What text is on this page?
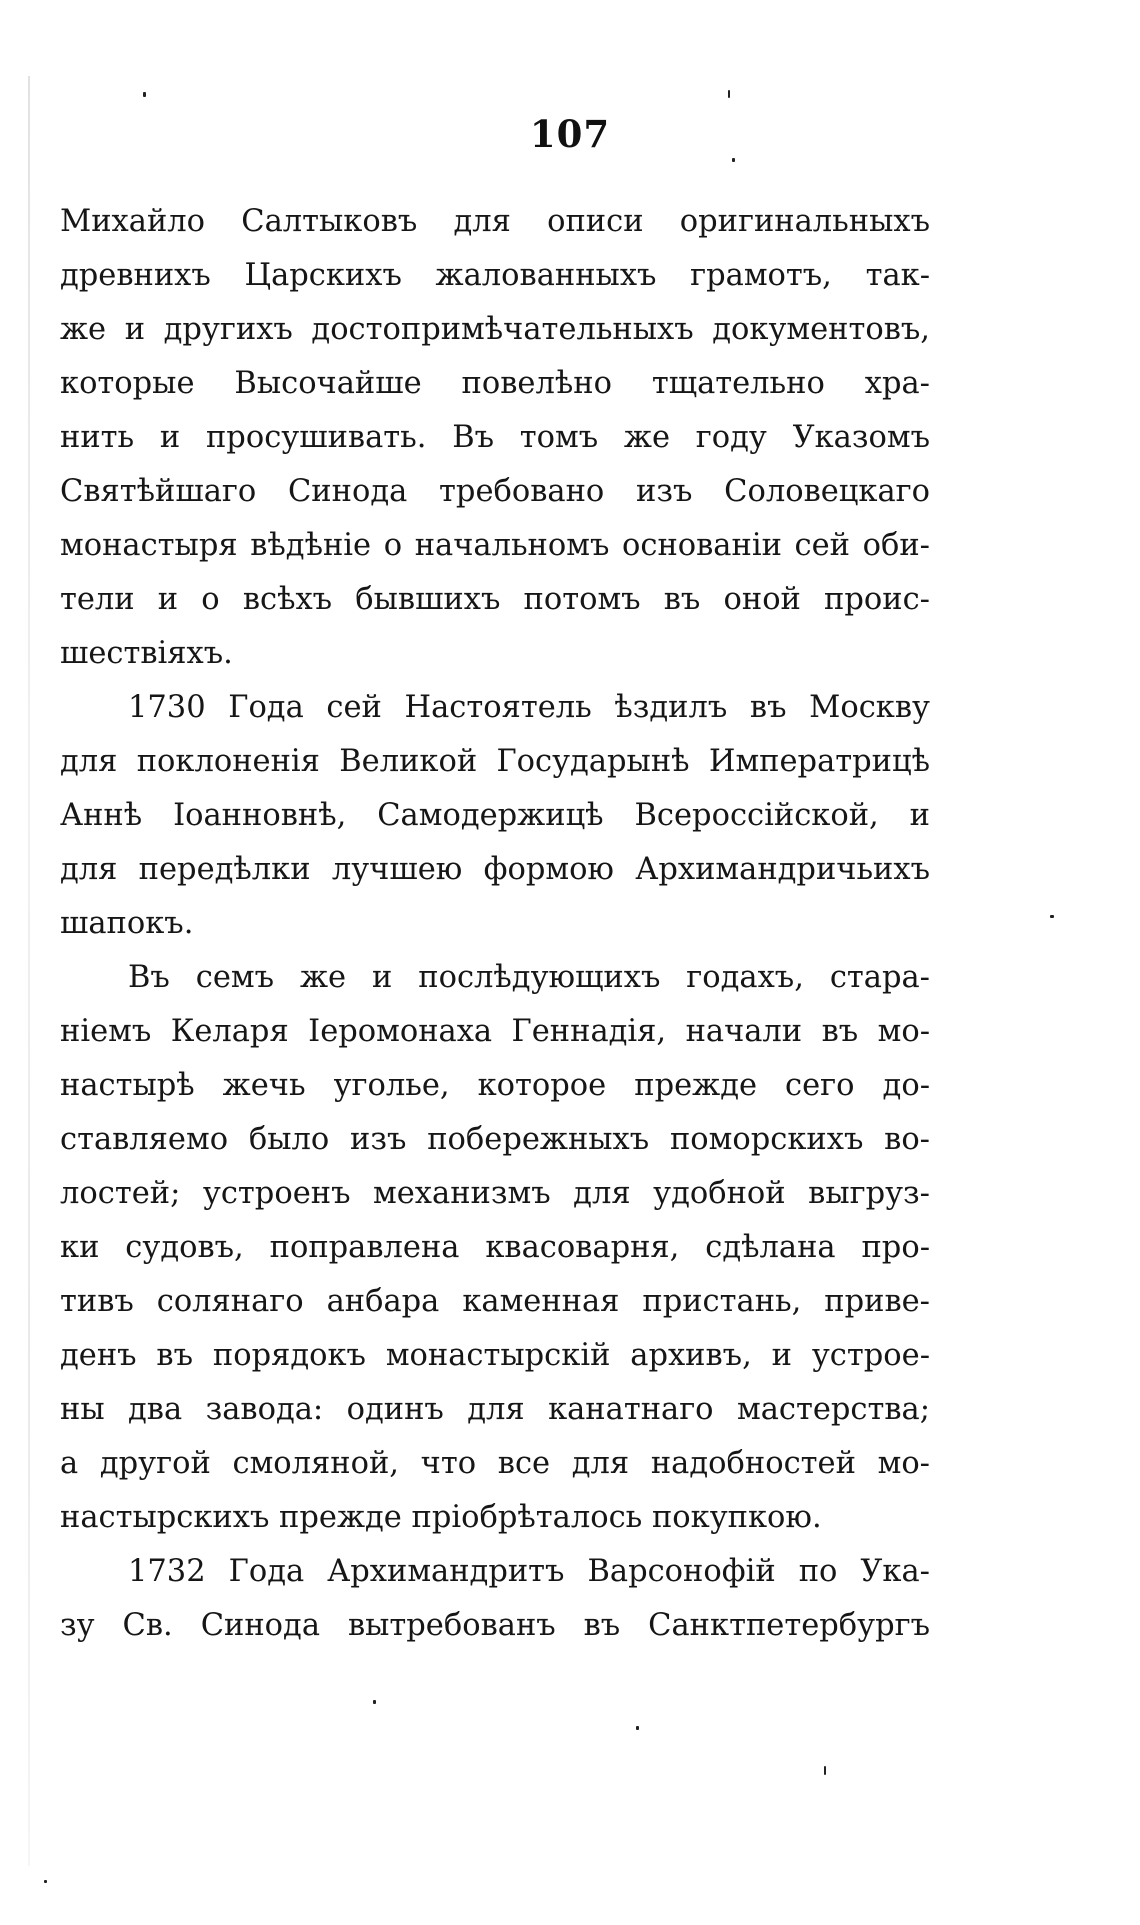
107
Михайло Салтыковъ для описи оригинальныхъ
древнихъ Царскихъ жалованныхъ грамотъ, так-
же и другихъ достопримѣчательныхъ документовъ,
которые Высочайше повелѣно тщательно хра-
нить и просушивать. Въ томъ же году Указомъ
Святѣйшаго Синода требовано изъ Соловецкаго
монастыря вѣдѣніе о начальномъ основаніи сей оби-
тели и о всѣхъ бывшихъ потомъ въ оной проис-
шествіяхъ.
1730 Года сей Настоятель ѣздилъ въ Москву
для поклоненія Великой Государынѣ Императрицѣ
Аннѣ Іоанновнѣ, Самодержицѣ Всероссійской, и
для передѣлки лучшею формою Архимандричьихъ
шапокъ.
Въ семъ же и послѣдующихъ годахъ, стара-
ніемъ Келаря Іеромонаха Геннадія, начали въ мо-
настырѣ жечь уголье, которое прежде сего до-
ставляемо было изъ побережныхъ поморскихъ во-
лостей; устроенъ механизмъ для удобной выгруз-
ки судовъ, поправлена квасоварня, сдѣлана про-
тивъ солянаго анбара каменная пристань, приве-
денъ въ порядокъ монастырскій архивъ, и устрое-
ны два завода: одинъ для канатнаго мастерства;
а другой смоляной, что все для надобностей мо-
настырскихъ прежде пріобрѣталось покупкою.
1732 Года Архимандритъ Варсонофій по Ука-
зу Св. Синода вытребованъ въ Санктпетербургъ
